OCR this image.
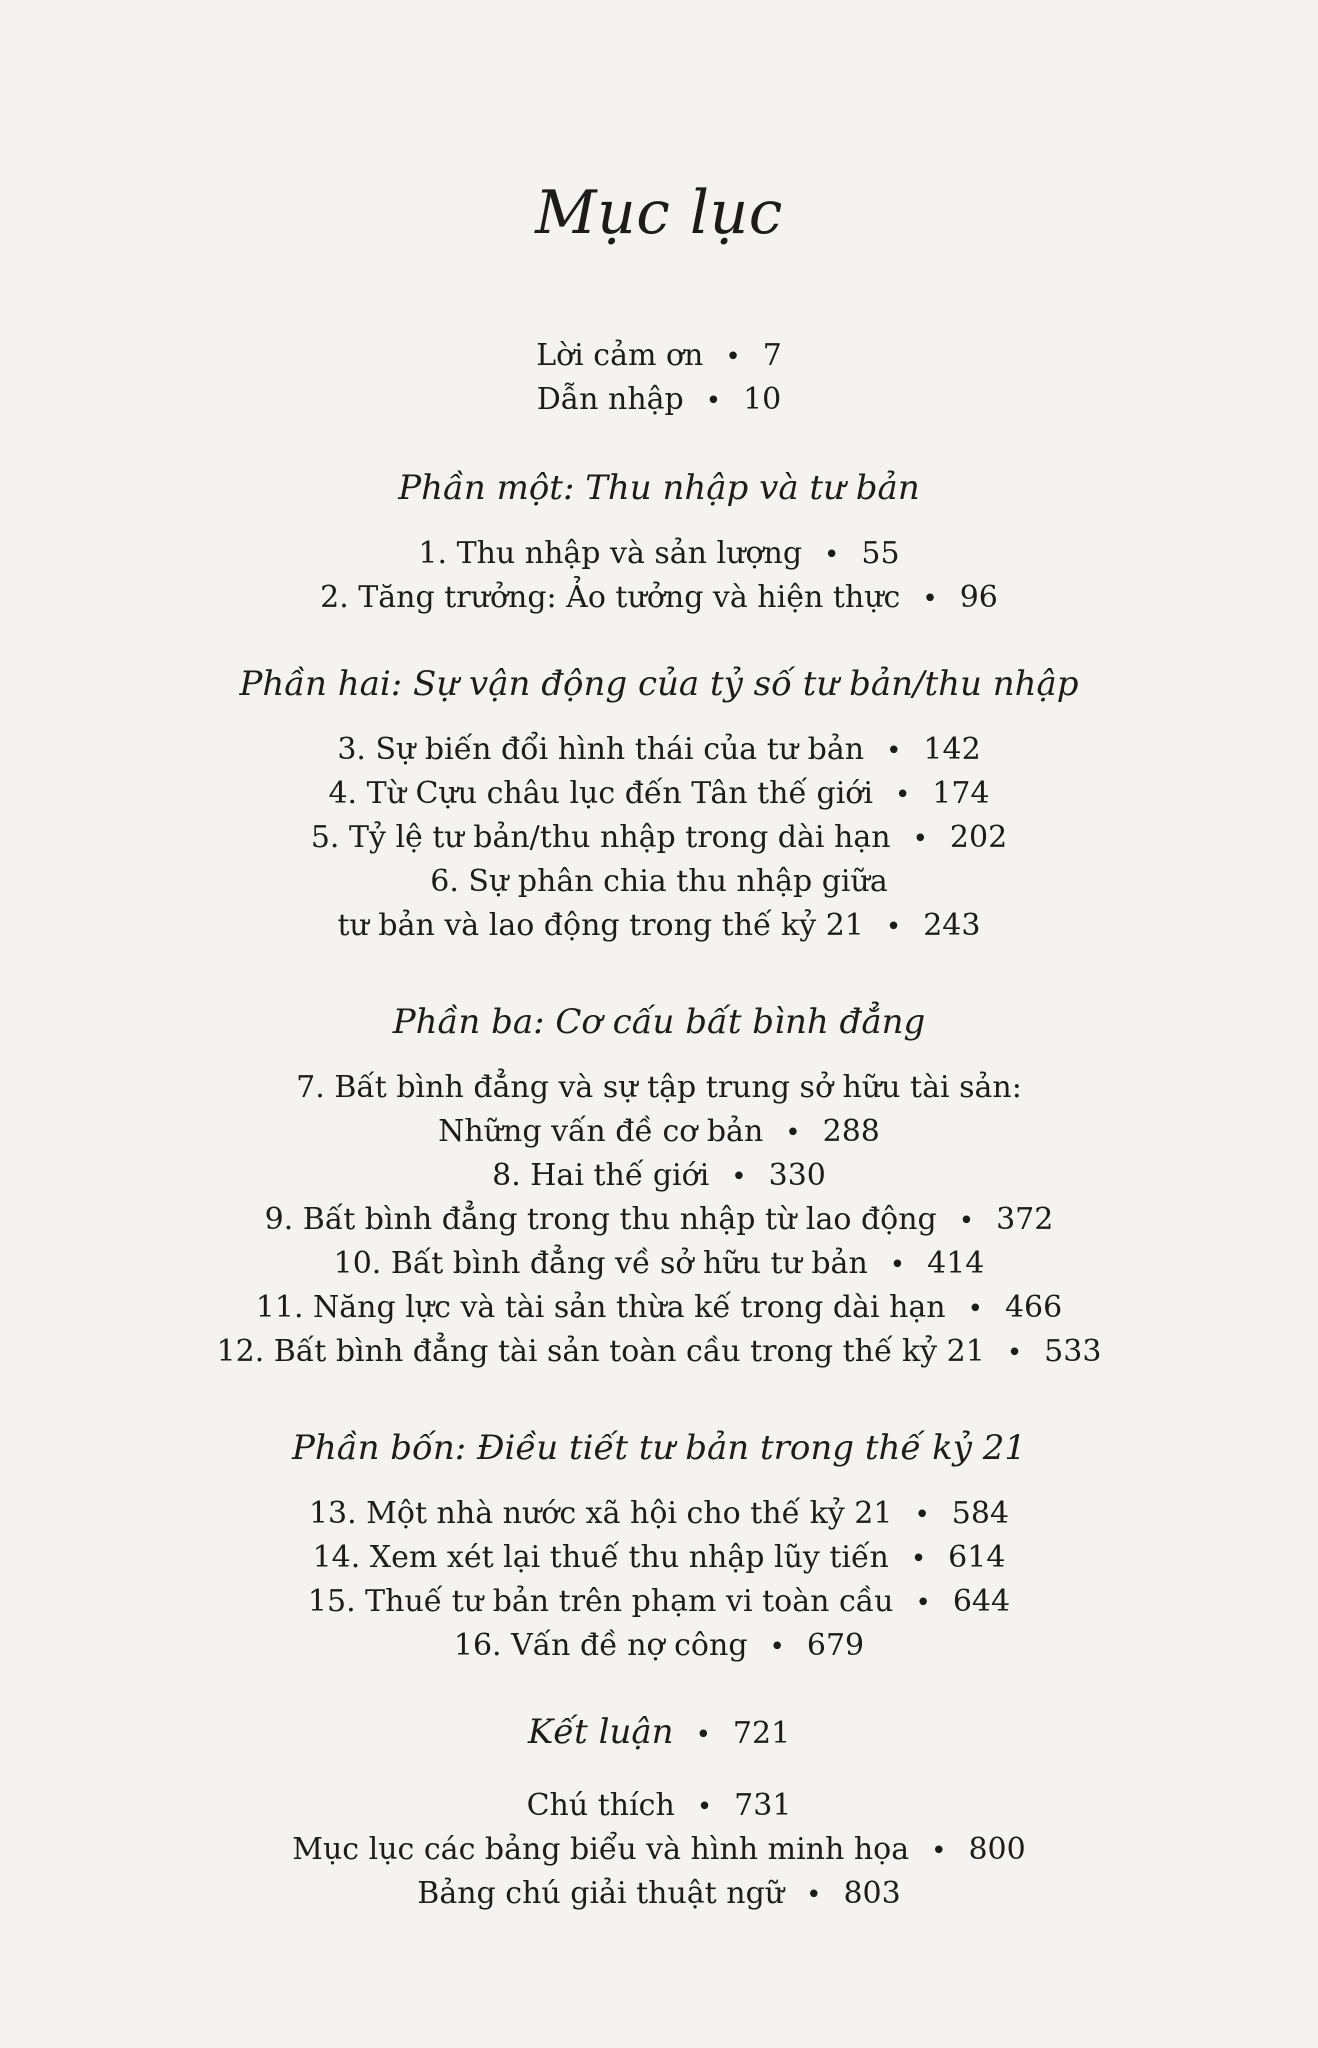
Mục lục
Lời cảm ơn • 7
Dẫn nhập • 10
Phần một: Thu nhập và tư bản
1. Thu nhập và sản lượng • 55
2. Tăng trưởng: Ảo tưởng và hiện thực • 96
Phần hai: Sự vận động của tỷ số tư bản/thu nhập
3. Sự biến đổi hình thái của tư bản • 142
4. Từ Cựu châu lục đến Tân thế giới • 174
5. Tỷ lệ tư bản/thu nhập trong dài hạn • 202
6. Sự phân chia thu nhập giữa
tư bản và lao động trong thế kỷ 21 • 243
Phần ba: Cơ cấu bất bình đẳng
7. Bất bình đẳng và sự tập trung sở hữu tài sản:
Những vấn đề cơ bản • 288
8. Hai thế giới • 330
9. Bất bình đẳng trong thu nhập từ lao động • 372
10. Bất bình đẳng về sở hữu tư bản • 414
11. Năng lực và tài sản thừa kế trong dài hạn • 466
12. Bất bình đẳng tài sản toàn cầu trong thế kỷ 21 • 533
Phần bốn: Điều tiết tư bản trong thế kỷ 21
13. Một nhà nước xã hội cho thế kỷ 21 • 584
14. Xem xét lại thuế thu nhập lũy tiến • 614
15. Thuế tư bản trên phạm vi toàn cầu • 644
16. Vấn đề nợ công • 679
Kết luận • 721
Chú thích • 731
Mục lục các bảng biểu và hình minh họa • 800
Bảng chú giải thuật ngữ • 803
